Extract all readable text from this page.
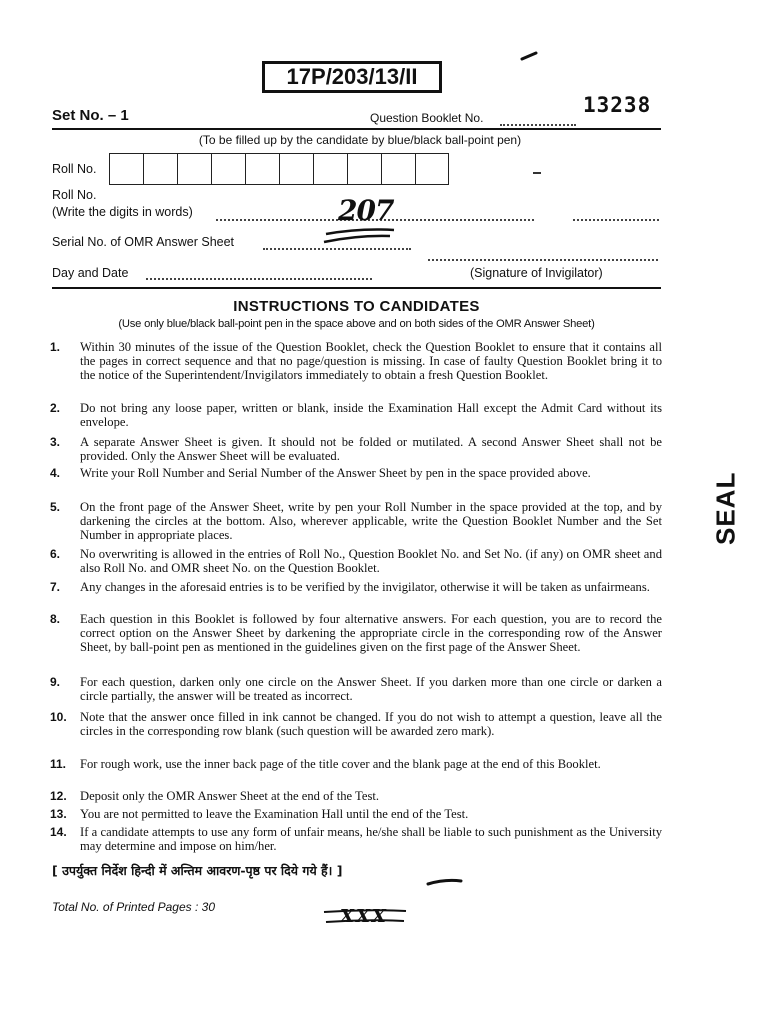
17P/203/13/II
Set No. – 1	Question Booklet No.
13238
(To be filled up by the candidate by blue/black ball-point pen)
Roll No.
Roll No.
(Write the digits in words)	207
Serial No. of OMR Answer Sheet
Day and Date	(Signature of Invigilator)
INSTRUCTIONS TO CANDIDATES
(Use only blue/black ball-point pen in the space above and on both sides of the OMR Answer Sheet)
1.	Within 30 minutes of the issue of the Question Booklet, check the Question Booklet to ensure that it contains all the pages in correct sequence and that no page/question is missing. In case of faulty Question Booklet bring it to the notice of the Superintendent/Invigilators immediately to obtain a fresh Question Booklet.
2.	Do not bring any loose paper, written or blank, inside the Examination Hall except the Admit Card without its envelope.
3.	A separate Answer Sheet is given. It should not be folded or mutilated. A second Answer Sheet shall not be provided. Only the Answer Sheet will be evaluated.
4.	Write your Roll Number and Serial Number of the Answer Sheet by pen in the space provided above.
5.	On the front page of the Answer Sheet, write by pen your Roll Number in the space provided at the top, and by darkening the circles at the bottom. Also, wherever applicable, write the Question Booklet Number and the Set Number in appropriate places.
6.	No overwriting is allowed in the entries of Roll No., Question Booklet No. and Set No. (if any) on OMR sheet and also Roll No. and OMR sheet No. on the Question Booklet.
7.	Any changes in the aforesaid entries is to be verified by the invigilator, otherwise it will be taken as unfairmeans.
8.	Each question in this Booklet is followed by four alternative answers. For each question, you are to record the correct option on the Answer Sheet by darkening the appropriate circle in the corresponding row of the Answer Sheet, by ball-point pen as mentioned in the guidelines given on the first page of the Answer Sheet.
9.	For each question, darken only one circle on the Answer Sheet. If you darken more than one circle or darken a circle partially, the answer will be treated as incorrect.
10.	Note that the answer once filled in ink cannot be changed. If you do not wish to attempt a question, leave all the circles in the corresponding row blank (such question will be awarded zero mark).
11.	For rough work, use the inner back page of the title cover and the blank page at the end of this Booklet.
12.	Deposit only the OMR Answer Sheet at the end of the Test.
13.	You are not permitted to leave the Examination Hall until the end of the Test.
14.	If a candidate attempts to use any form of unfair means, he/she shall be liable to such punishment as the University may determine and impose on him/her.
[ उपर्युक्त निर्देश हिन्दी में अन्तिम आवरण-पृष्ठ पर दिये गये हैं। ]
Total No. of Printed Pages : 30	XXX
SEAL
